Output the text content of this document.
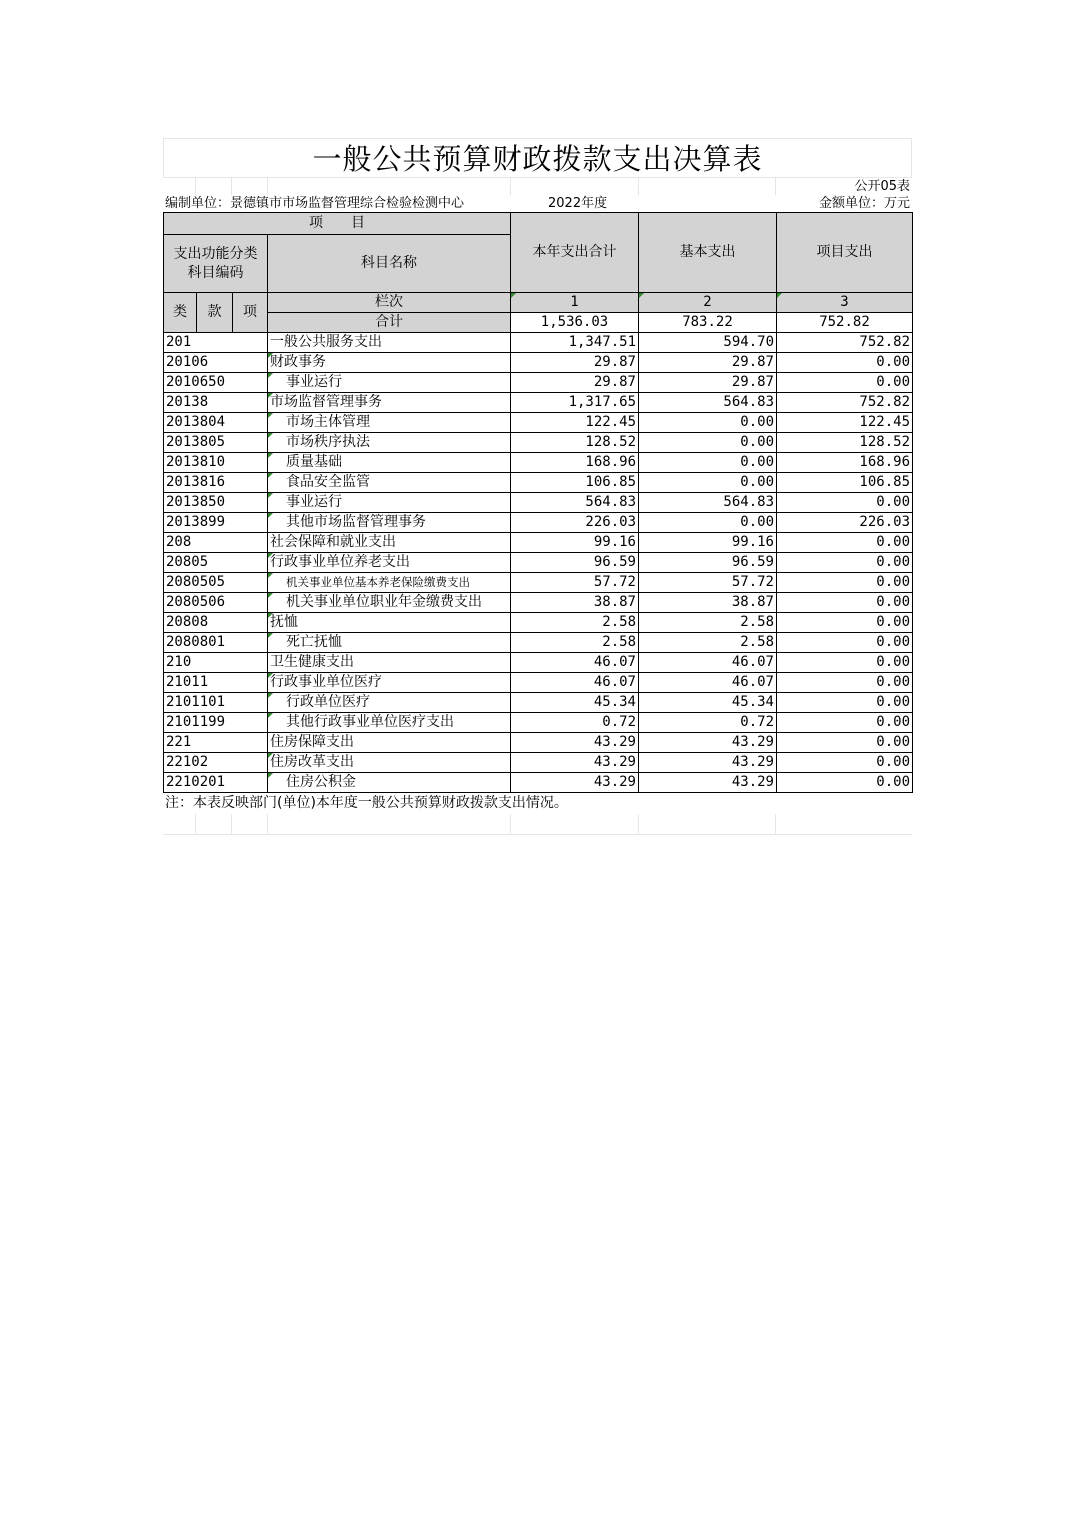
一般公共预算财政拨款支出决算表
公开05表
编制单位：景德镇市市场监督管理综合检验检测中心	2022年度	金额单位：万元
项　　目				本年支出合计	基本支出	项目支出
支出功能分类科目编码			科目名称			
类	款	项	栏次	1	2	3
			合计	1,536.03	783.22	752.82
201			一般公共服务支出	1,347.51	594.70	752.82
20106			财政事务	29.87	29.87	0.00
2010650			事业运行	29.87	29.87	0.00
20138			市场监督管理事务	1,317.65	564.83	752.82
2013804			市场主体管理	122.45	0.00	122.45
2013805			市场秩序执法	128.52	0.00	128.52
2013810			质量基础	168.96	0.00	168.96
2013816			食品安全监管	106.85	0.00	106.85
2013850			事业运行	564.83	564.83	0.00
2013899			其他市场监督管理事务	226.03	0.00	226.03
208			社会保障和就业支出	99.16	99.16	0.00
20805			行政事业单位养老支出	96.59	96.59	0.00
2080505			机关事业单位基本养老保险缴费支出	57.72	57.72	0.00
2080506			机关事业单位职业年金缴费支出	38.87	38.87	0.00
20808			抚恤	2.58	2.58	0.00
2080801			死亡抚恤	2.58	2.58	0.00
210			卫生健康支出	46.07	46.07	0.00
21011			行政事业单位医疗	46.07	46.07	0.00
2101101			行政单位医疗	45.34	45.34	0.00
2101199			其他行政事业单位医疗支出	0.72	0.72	0.00
221			住房保障支出	43.29	43.29	0.00
22102			住房改革支出	43.29	43.29	0.00
2210201			住房公积金	43.29	43.29	0.00
注：本表反映部门(单位)本年度一般公共预算财政拨款支出情况。
